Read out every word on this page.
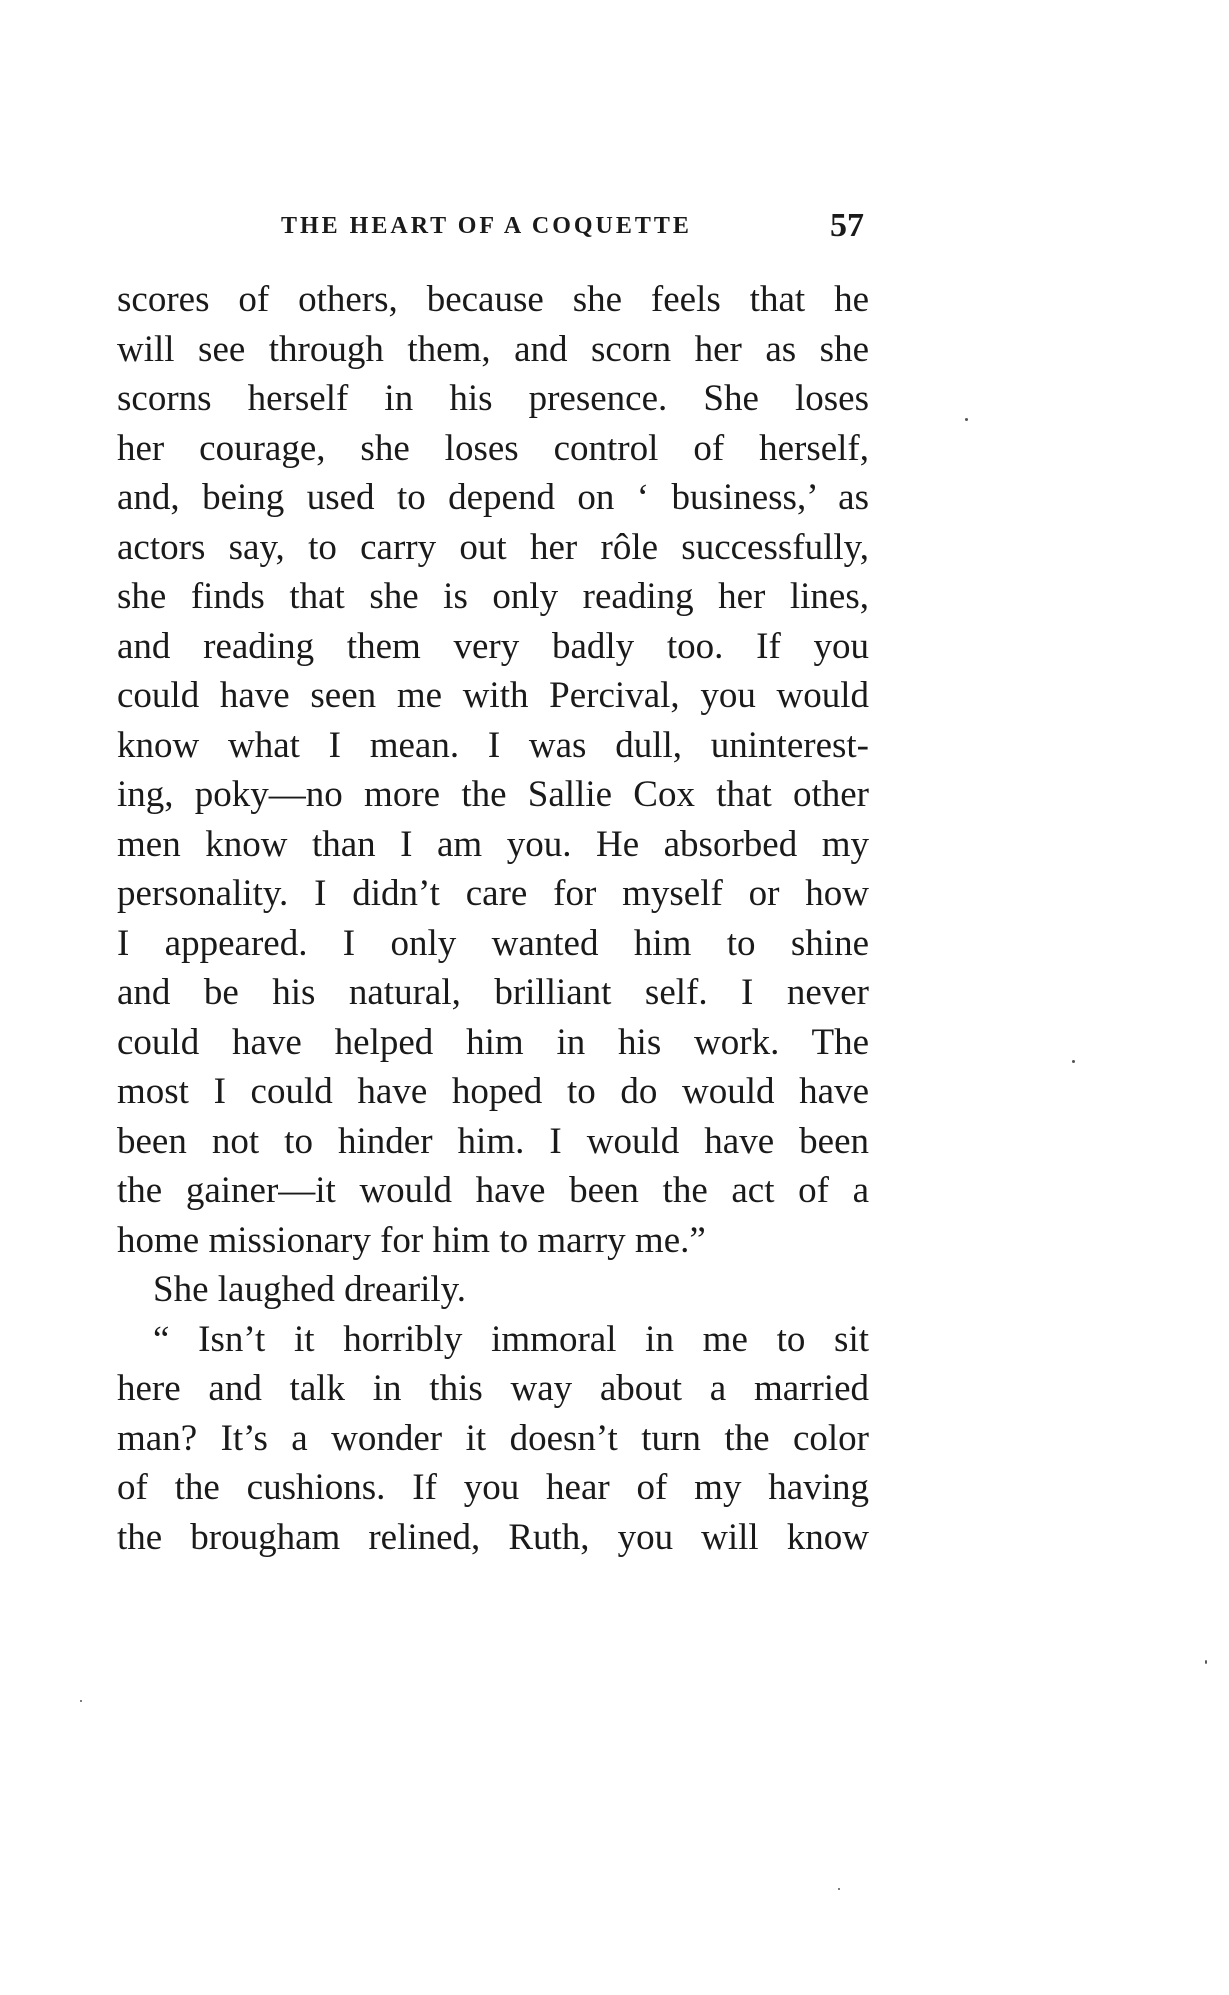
THE HEART OF A COQUETTE	57
scores of others, because she feels that he
will see through them, and scorn her as she
scorns herself in his presence. She loses
her courage, she loses control of herself,
and, being used to depend on ‘ business,’ as
actors say, to carry out her rôle successfully,
she finds that she is only reading her lines,
and reading them very badly too. If you
could have seen me with Percival, you would
know what I mean. I was dull, uninterest-
ing, poky—no more the Sallie Cox that other
men know than I am you. He absorbed my
personality. I didn’t care for myself or how
I appeared. I only wanted him to shine
and be his natural, brilliant self. I never
could have helped him in his work. The
most I could have hoped to do would have
been not to hinder him. I would have been
the gainer—it would have been the act of a
home missionary for him to marry me.”
She laughed drearily.
“ Isn’t it horribly immoral in me to sit
here and talk in this way about a married
man? It’s a wonder it doesn’t turn the color
of the cushions. If you hear of my having
the brougham relined, Ruth, you will know
